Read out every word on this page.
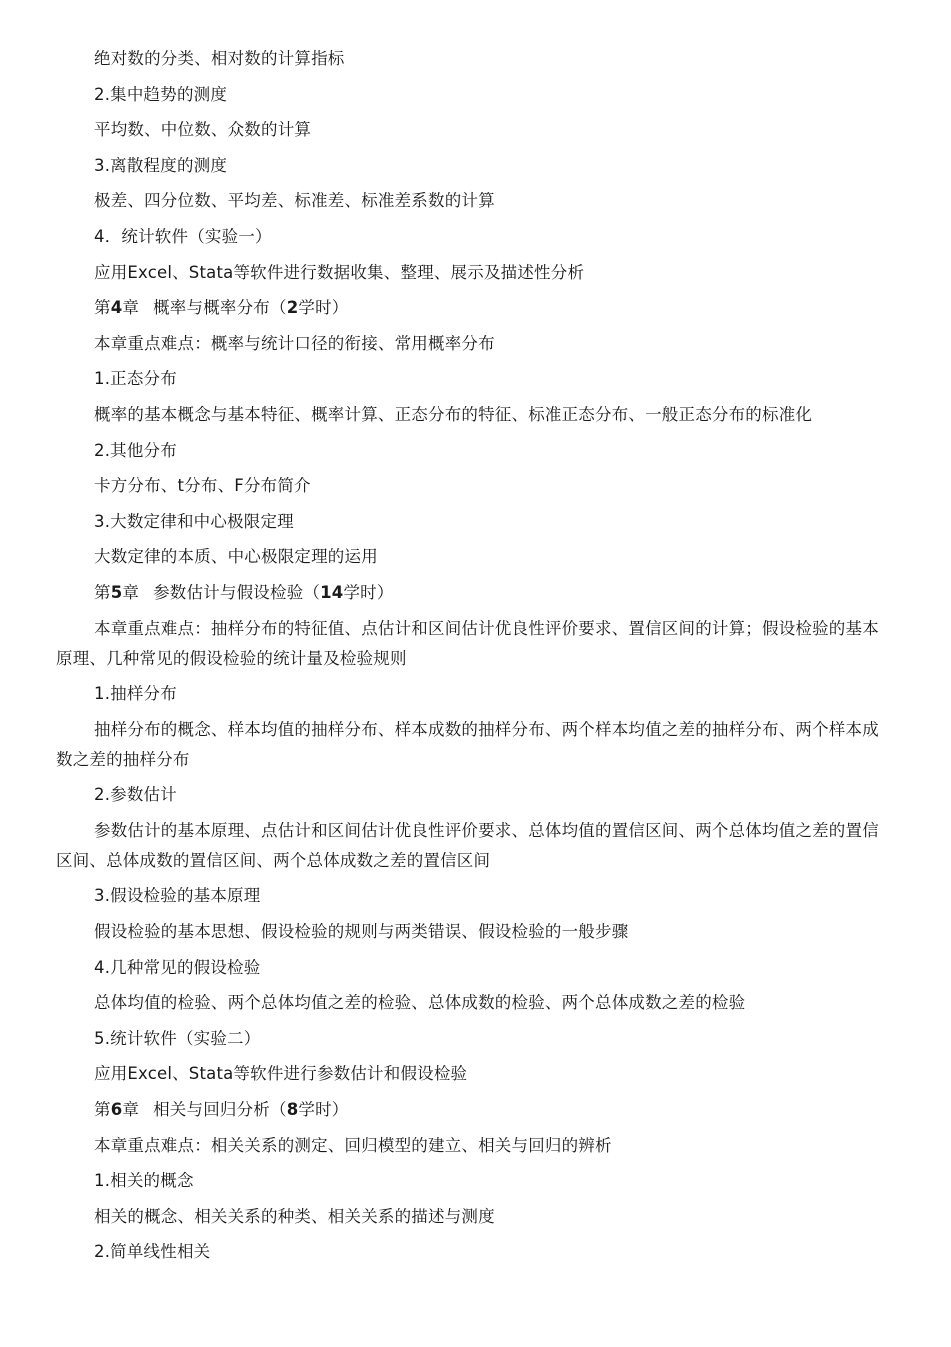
绝对数的分类、相对数的计算指标
2.集中趋势的测度
平均数、中位数、众数的计算
3.离散程度的测度
极差、四分位数、平均差、标准差、标准差系数的计算
4．统计软件（实验一）
应用Excel、Stata等软件进行数据收集、整理、展示及描述性分析
第4章 概率与概率分布（2学时）
本章重点难点：概率与统计口径的衔接、常用概率分布
1.正态分布
概率的基本概念与基本特征、概率计算、正态分布的特征、标准正态分布、一般正态分布的标准化
2.其他分布
卡方分布、t分布、F分布简介
3.大数定律和中心极限定理
大数定律的本质、中心极限定理的运用
第5章 参数估计与假设检验（14学时）
本章重点难点：抽样分布的特征值、点估计和区间估计优良性评价要求、置信区间的计算；假设检验的基本原理、几种常见的假设检验的统计量及检验规则
1.抽样分布
抽样分布的概念、样本均值的抽样分布、样本成数的抽样分布、两个样本均值之差的抽样分布、两个样本成数之差的抽样分布
2.参数估计
参数估计的基本原理、点估计和区间估计优良性评价要求、总体均值的置信区间、两个总体均值之差的置信区间、总体成数的置信区间、两个总体成数之差的置信区间
3.假设检验的基本原理
假设检验的基本思想、假设检验的规则与两类错误、假设检验的一般步骤
4.几种常见的假设检验
总体均值的检验、两个总体均值之差的检验、总体成数的检验、两个总体成数之差的检验
5.统计软件（实验二）
应用Excel、Stata等软件进行参数估计和假设检验
第6章 相关与回归分析（8学时）
本章重点难点：相关关系的测定、回归模型的建立、相关与回归的辨析
1.相关的概念
相关的概念、相关关系的种类、相关关系的描述与测度
2.简单线性相关
